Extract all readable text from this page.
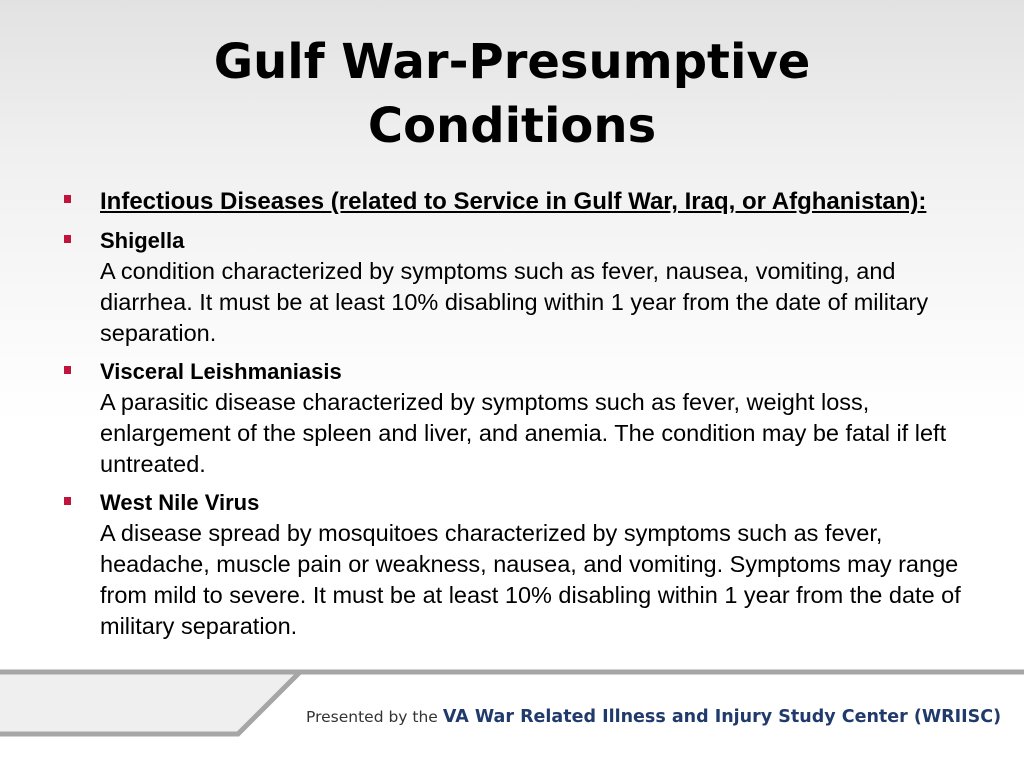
Gulf War-Presumptive
Conditions
Infectious Diseases (related to Service in Gulf War, Iraq, or Afghanistan):
Shigella
A condition characterized by symptoms such as fever, nausea, vomiting, and diarrhea. It must be at least 10% disabling within 1 year from the date of military separation.
Visceral Leishmaniasis
A parasitic disease characterized by symptoms such as fever, weight loss, enlargement of the spleen and liver, and anemia. The condition may be fatal if left untreated.
West Nile Virus
A disease spread by mosquitoes characterized by symptoms such as fever, headache, muscle pain or weakness, nausea, and vomiting. Symptoms may range from mild to severe. It must be at least 10% disabling within 1 year from the date of military separation.
Presented by the VA War Related Illness and Injury Study Center (WRIISC)
